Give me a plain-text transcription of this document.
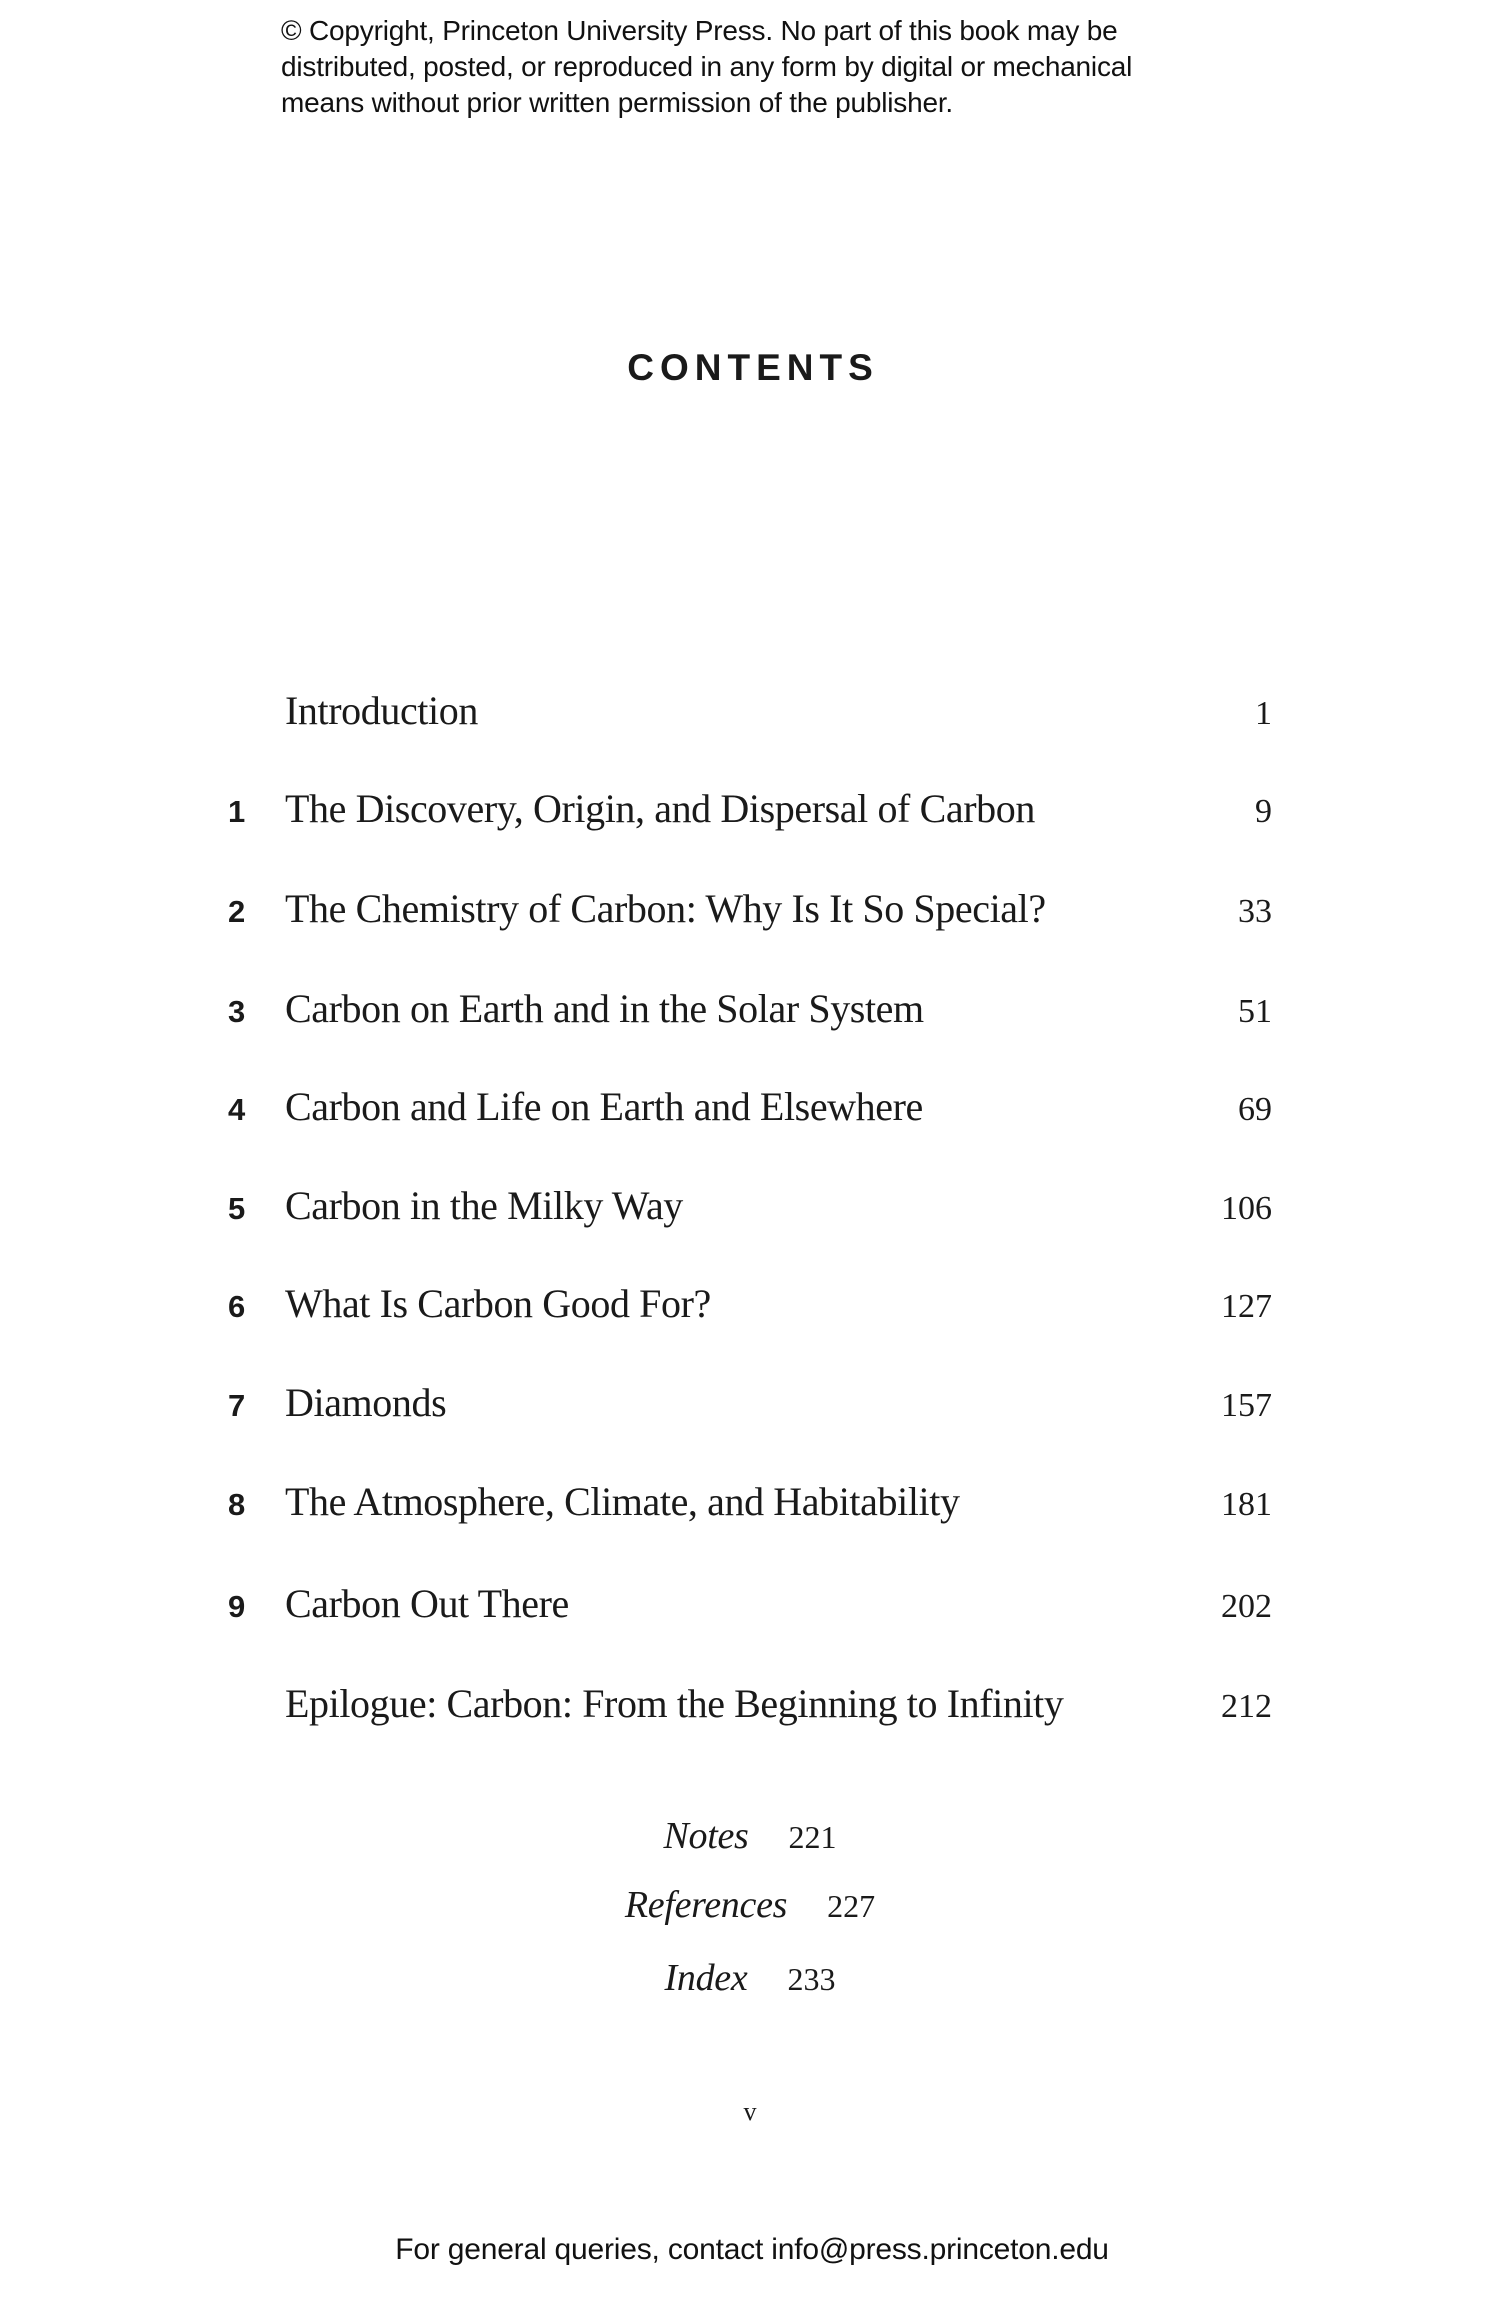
© Copyright, Princeton University Press. No part of this book may be
distributed, posted, or reproduced in any form by digital or mechanical
means without prior written permission of the publisher.
CONTENTS
Introduction	1
1 The Discovery, Origin, and Dispersal of Carbon	9
2 The Chemistry of Carbon: Why Is It So Special?	33
3 Carbon on Earth and in the Solar System	51
4 Carbon and Life on Earth and Elsewhere	69
5 Carbon in the Milky Way	106
6 What Is Carbon Good For?	127
7 Diamonds	157
8 The Atmosphere, Climate, and Habitability	181
9 Carbon Out There	202
Epilogue: Carbon: From the Beginning to Infinity	212
Notes 221
References 227
Index 233
v
For general queries, contact info@press.princeton.edu
